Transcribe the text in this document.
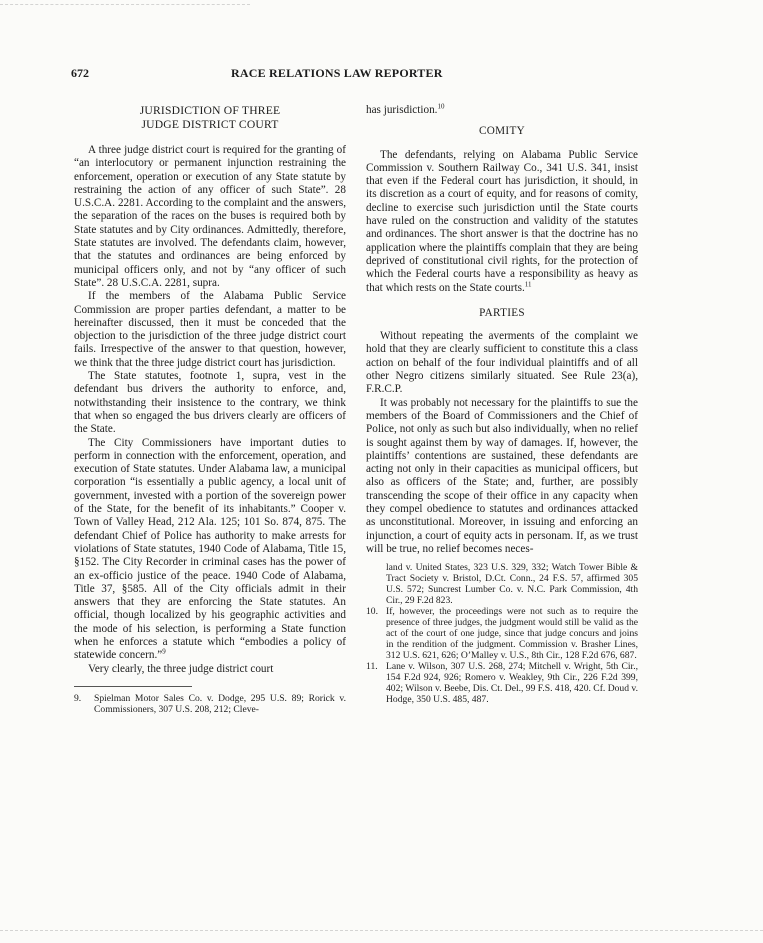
672	RACE RELATIONS LAW REPORTER
JURISDICTION OF THREE
JUDGE DISTRICT COURT

A three judge district court is required for the granting of “an interlocutory or permanent injunction restraining the enforcement, operation or execution of any State statute by restraining the action of any officer of such State”. 28 U.S.C.A. 2281. According to the complaint and the answers, the separation of the races on the buses is required both by State statutes and by City ordinances. Admittedly, therefore, State statutes are involved. The defendants claim, however, that the statutes and ordinances are being enforced by municipal officers only, and not by “any officer of such State”. 28 U.S.C.A. 2281, supra.

If the members of the Alabama Public Service Commission are proper parties defendant, a matter to be hereinafter discussed, then it must be conceded that the objection to the jurisdiction of the three judge district court fails. Irrespective of the answer to that question, however, we think that the three judge district court has jurisdiction.

The State statutes, footnote 1, supra, vest in the defendant bus drivers the authority to enforce, and, notwithstanding their insistence to the contrary, we think that when so engaged the bus drivers clearly are officers of the State.

The City Commissioners have important duties to perform in connection with the enforcement, operation, and execution of State statutes. Under Alabama law, a municipal corporation “is essentially a public agency, a local unit of government, invested with a portion of the sovereign power of the State, for the benefit of its inhabitants.” Cooper v. Town of Valley Head, 212 Ala. 125; 101 So. 874, 875. The defendant Chief of Police has authority to make arrests for violations of State statutes, 1940 Code of Alabama, Title 15, §152. The City Recorder in criminal cases has the power of an ex-officio justice of the peace. 1940 Code of Alabama, Title 37, §585. All of the City officials admit in their answers that they are enforcing the State statutes. An official, though localized by his geographic activities and the mode of his selection, is performing a State function when he enforces a statute which “embodies a policy of statewide concern.”$^9$

Very clearly, the three judge district court

9.	Spielman Motor Sales Co. v. Dodge, 295 U.S. 89; Rorick v. Commissioners, 307 U.S. 208, 212; Cleve-

has jurisdiction.$^{10}$

COMITY

The defendants, relying on Alabama Public Service Commission v. Southern Railway Co., 341 U.S. 341, insist that even if the Federal court has jurisdiction, it should, in its discretion as a court of equity, and for reasons of comity, decline to exercise such jurisdiction until the State courts have ruled on the construction and validity of the statutes and ordinances. The short answer is that the doctrine has no application where the plaintiffs complain that they are being deprived of constitutional civil rights, for the protection of which the Federal courts have a responsibility as heavy as that which rests on the State courts.$^{11}$

PARTIES

Without repeating the averments of the complaint we hold that they are clearly sufficient to constitute this a class action on behalf of the four individual plaintiffs and of all other Negro citizens similarly situated. See Rule 23(a), F.R.C.P.

It was probably not necessary for the plaintiffs to sue the members of the Board of Commissioners and the Chief of Police, not only as such but also individually, when no relief is sought against them by way of damages. If, however, the plaintiffs’ contentions are sustained, these defendants are acting not only in their capacities as municipal officers, but also as officers of the State; and, further, are possibly transcending the scope of their office in any capacity when they compel obedience to statutes and ordinances attacked as unconstitutional. Moreover, in issuing and enforcing an injunction, a court of equity acts in personam. If, as we trust will be true, no relief becomes neces-

land v. United States, 323 U.S. 329, 332; Watch Tower Bible & Tract Society v. Bristol, D.Ct. Conn., 24 F.S. 57, affirmed 305 U.S. 572; Suncrest Lumber Co. v. N.C. Park Commission, 4th Cir., 29 F.2d 823.
10. If, however, the proceedings were not such as to require the presence of three judges, the judgment would still be valid as the act of the court of one judge, since that judge concurs and joins in the rendition of the judgment. Commission v. Brasher Lines, 312 U.S. 621, 626; O’Malley v. U.S., 8th Cir., 128 F.2d 676, 687.
11. Lane v. Wilson, 307 U.S. 268, 274; Mitchell v. Wright, 5th Cir., 154 F.2d 924, 926; Romero v. Weakley, 9th Cir., 226 F.2d 399, 402; Wilson v. Beebe, Dis. Ct. Del., 99 F.S. 418, 420. Cf. Doud v. Hodge, 350 U.S. 485, 487.
